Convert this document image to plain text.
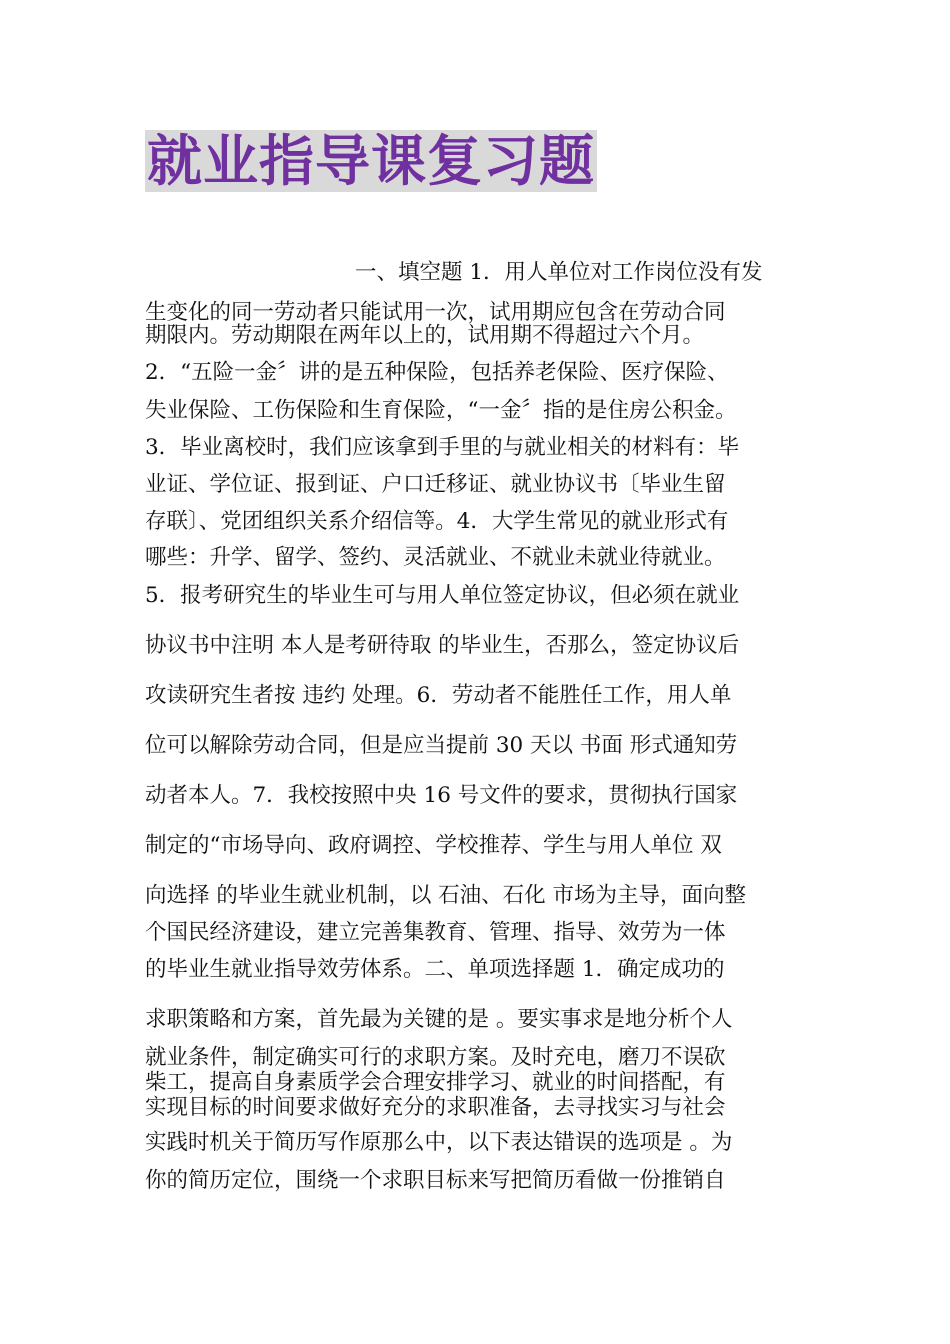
就业指导课复习题
一、填空题 1．用人单位对工作岗位没有发
生变化的同一劳动者只能试用一次，试用期应包含在劳动合同
期限内。劳动期限在两年以上的，试用期不得超过六个月。
2．“五险一金〞讲的是五种保险，包括养老保险、医疗保险、
失业保险、工伤保险和生育保险，“一金〞指的是住房公积金。
3．毕业离校时，我们应该拿到手里的与就业相关的材料有：毕
业证、学位证、报到证、户口迁移证、就业协议书〔毕业生留
存联〕、党团组织关系介绍信等。4．大学生常见的就业形式有
哪些：升学、留学、签约、灵活就业、不就业未就业待就业。
5．报考研究生的毕业生可与用人单位签定协议，但必须在就业
协议书中注明 本人是考研待取 的毕业生，否那么，签定协议后
攻读研究生者按 违约 处理。6．劳动者不能胜任工作，用人单
位可以解除劳动合同，但是应当提前 30 天以 书面 形式通知劳
动者本人。7．我校按照中央 16 号文件的要求，贯彻执行国家
制定的“市场导向、政府调控、学校推荐、学生与用人单位 双
向选择 的毕业生就业机制，以 石油、石化 市场为主导，面向整
个国民经济建设，建立完善集教育、管理、指导、效劳为一体
的毕业生就业指导效劳体系。二、单项选择题 1．确定成功的
求职策略和方案，首先最为关键的是 。要实事求是地分析个人
就业条件，制定确实可行的求职方案。及时充电，磨刀不误砍
柴工，提高自身素质学会合理安排学习、就业的时间搭配，有
实现目标的时间要求做好充分的求职准备，去寻找实习与社会
实践时机关于简历写作原那么中，以下表达错误的选项是 。为
你的简历定位，围绕一个求职目标来写把简历看做一份推销自
